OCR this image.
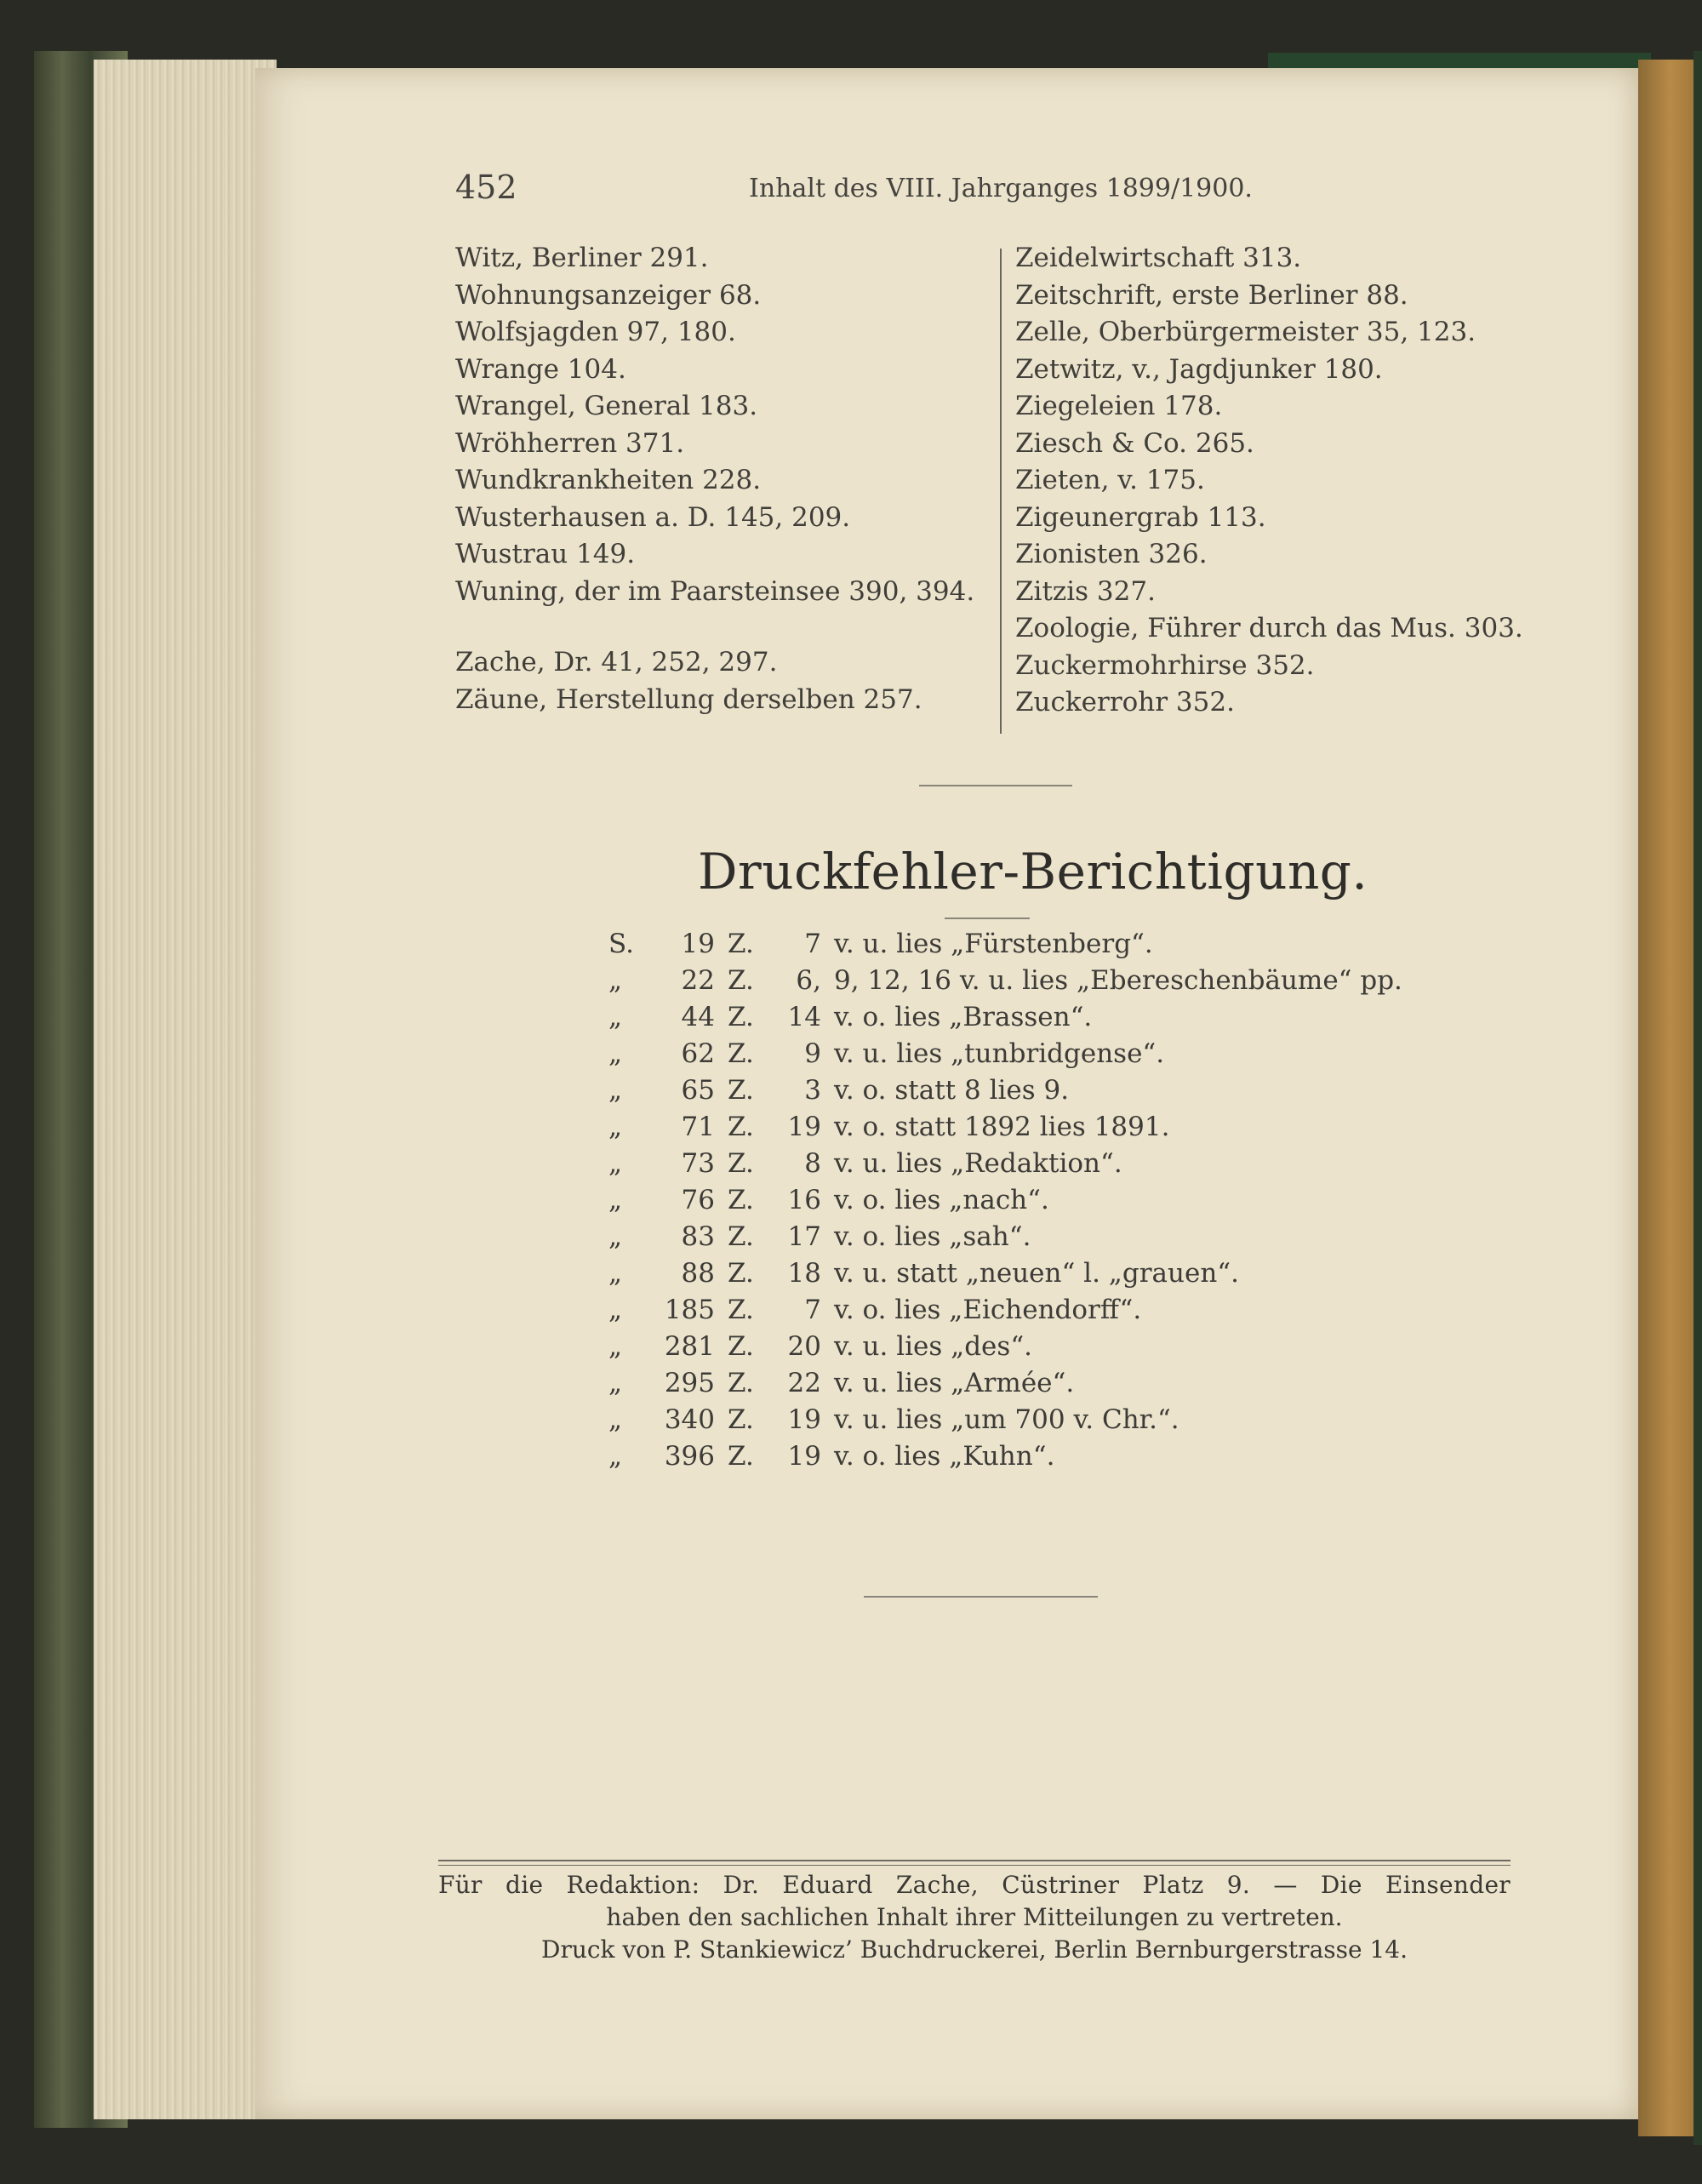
452	Inhalt des VIII. Jahrganges 1899/1900.
Witz, Berliner 291.
Wohnungsanzeiger 68.
Wolfsjagden 97, 180.
Wrange 104.
Wrangel, General 183.
Wröhherren 371.
Wundkrankheiten 228.
Wusterhausen a. D. 145, 209.
Wustrau 149.
Wuning, der im Paarsteinsee 390, 394.
Zache, Dr. 41, 252, 297.
Zäune, Herstellung derselben 257.
Zeidelwirtschaft 313.
Zeitschrift, erste Berliner 88.
Zelle, Oberbürgermeister 35, 123.
Zetwitz, v., Jagdjunker 180.
Ziegeleien 178.
Ziesch & Co. 265.
Zieten, v. 175.
Zigeunergrab 113.
Zionisten 326.
Zitzis 327.
Zoologie, Führer durch das Mus. 303.
Zuckermohrhirse 352.
Zuckerrohr 352.
Druckfehler-Berichtigung.
S.	19 Z.	7 v. u. lies „Fürstenberg“.
„	22 Z.	6, 9, 12, 16 v. u. lies „Ebereschenbäume“ pp.
„	44 Z.	14 v. o. lies „Brassen“.
„	62 Z.	9 v. u. lies „tunbridgense“.
„	65 Z.	3 v. o. statt 8 lies 9.
„	71 Z.	19 v. o. statt 1892 lies 1891.
„	73 Z.	8 v. u. lies „Redaktion“.
„	76 Z.	16 v. o. lies „nach“.
„	83 Z.	17 v. o. lies „sah“.
„	88 Z.	18 v. u. statt „neuen“ l. „grauen“.
„	185 Z.	7 v. o. lies „Eichendorff“.
„	281 Z.	20 v. u. lies „des“.
„	295 Z.	22 v. u. lies „Armée“.
„	340 Z.	19 v. u. lies „um 700 v. Chr.“.
„	396 Z.	19 v. o. lies „Kuhn“.
Für die Redaktion: Dr. Eduard Zache, Cüstriner Platz 9. — Die Einsender
haben den sachlichen Inhalt ihrer Mitteilungen zu vertreten.
Druck von P. Stankiewicz’ Buchdruckerei, Berlin Bernburgerstrasse 14.
